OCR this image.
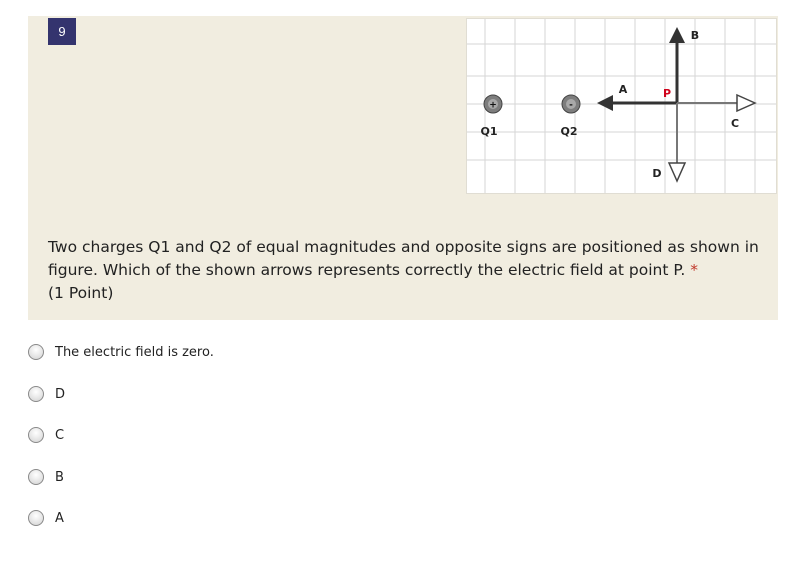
9
+
Q1
-
Q2
A
B
C
D
P
Two charges Q1 and Q2 of equal magnitudes and opposite signs are positioned as shown in figure. Which of the shown arrows represents correctly the electric field at point P. *
(1 Point)
The electric field is zero.
D
C
B
A
